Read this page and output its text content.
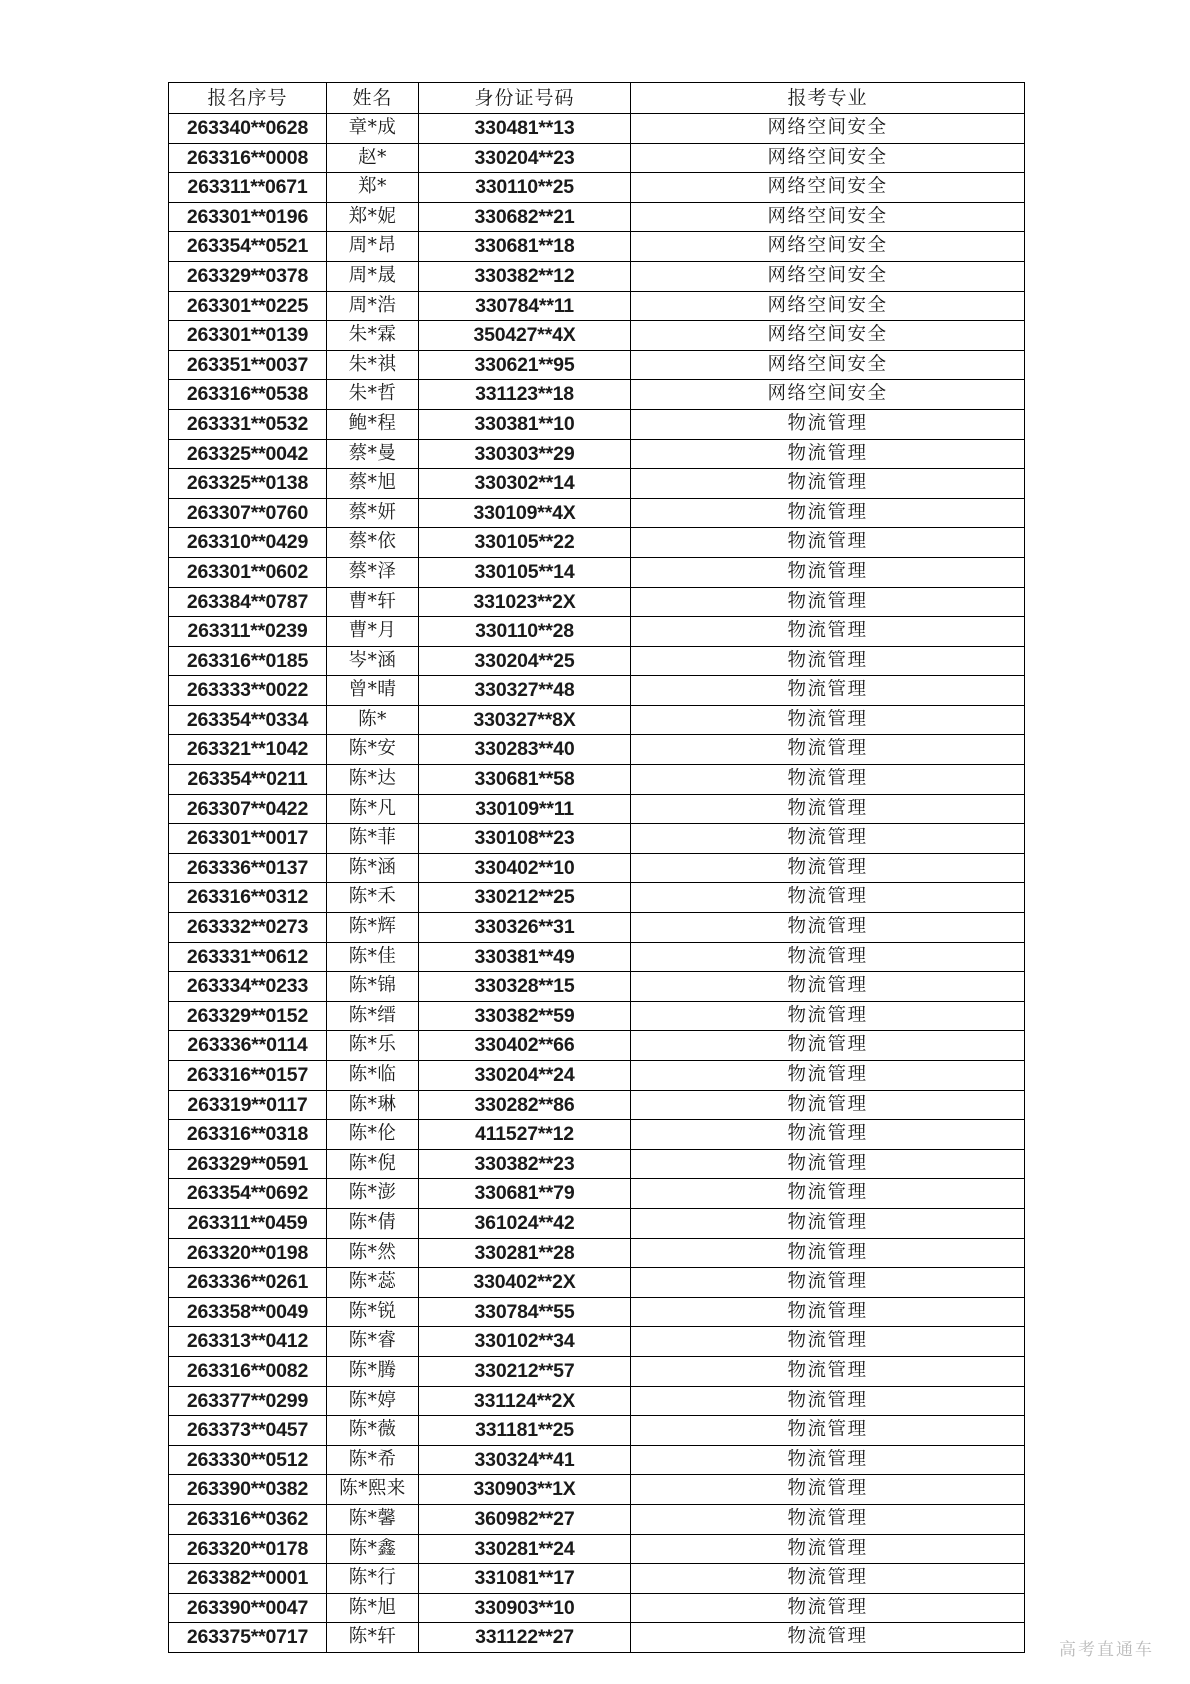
报名序号	姓名	身份证号码	报考专业
263340**0628	章*成	330481**13	网络空间安全
263316**0008	赵*	330204**23	网络空间安全
263311**0671	郑*	330110**25	网络空间安全
263301**0196	郑*妮	330682**21	网络空间安全
263354**0521	周*昂	330681**18	网络空间安全
263329**0378	周*晟	330382**12	网络空间安全
263301**0225	周*浩	330784**11	网络空间安全
263301**0139	朱*霖	350427**4X	网络空间安全
263351**0037	朱*祺	330621**95	网络空间安全
263316**0538	朱*哲	331123**18	网络空间安全
263331**0532	鲍*程	330381**10	物流管理
263325**0042	蔡*曼	330303**29	物流管理
263325**0138	蔡*旭	330302**14	物流管理
263307**0760	蔡*妍	330109**4X	物流管理
263310**0429	蔡*依	330105**22	物流管理
263301**0602	蔡*泽	330105**14	物流管理
263384**0787	曹*轩	331023**2X	物流管理
263311**0239	曹*月	330110**28	物流管理
263316**0185	岑*涵	330204**25	物流管理
263333**0022	曾*晴	330327**48	物流管理
263354**0334	陈*	330327**8X	物流管理
263321**1042	陈*安	330283**40	物流管理
263354**0211	陈*达	330681**58	物流管理
263307**0422	陈*凡	330109**11	物流管理
263301**0017	陈*菲	330108**23	物流管理
263336**0137	陈*涵	330402**10	物流管理
263316**0312	陈*禾	330212**25	物流管理
263332**0273	陈*辉	330326**31	物流管理
263331**0612	陈*佳	330381**49	物流管理
263334**0233	陈*锦	330328**15	物流管理
263329**0152	陈*缙	330382**59	物流管理
263336**0114	陈*乐	330402**66	物流管理
263316**0157	陈*临	330204**24	物流管理
263319**0117	陈*琳	330282**86	物流管理
263316**0318	陈*伦	411527**12	物流管理
263329**0591	陈*倪	330382**23	物流管理
263354**0692	陈*澎	330681**79	物流管理
263311**0459	陈*倩	361024**42	物流管理
263320**0198	陈*然	330281**28	物流管理
263336**0261	陈*蕊	330402**2X	物流管理
263358**0049	陈*锐	330784**55	物流管理
263313**0412	陈*睿	330102**34	物流管理
263316**0082	陈*腾	330212**57	物流管理
263377**0299	陈*婷	331124**2X	物流管理
263373**0457	陈*薇	331181**25	物流管理
263330**0512	陈*希	330324**41	物流管理
263390**0382	陈*熙来	330903**1X	物流管理
263316**0362	陈*馨	360982**27	物流管理
263320**0178	陈*鑫	330281**24	物流管理
263382**0001	陈*行	331081**17	物流管理
263390**0047	陈*旭	330903**10	物流管理
263375**0717	陈*轩	331122**27	物流管理
高考直通车
